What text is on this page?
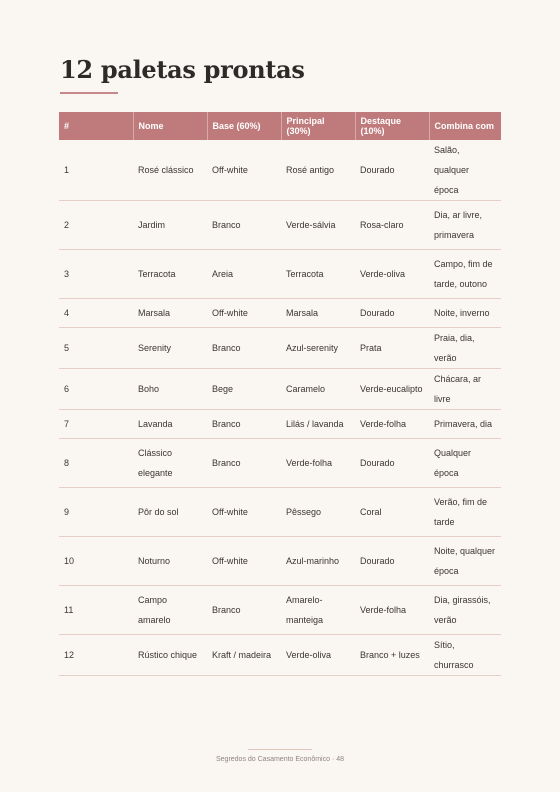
12 paletas prontas
#	Nome	Base (60%)	Principal (30%)	Destaque (10%)	Combina com
1	Rosé clássico	Off-white	Rosé antigo	Dourado	Salão, qualquer época
2	Jardim	Branco	Verde-sálvia	Rosa-claro	Dia, ar livre, primavera
3	Terracota	Areia	Terracota	Verde-oliva	Campo, fim de tarde, outono
4	Marsala	Off-white	Marsala	Dourado	Noite, inverno
5	Serenity	Branco	Azul-serenity	Prata	Praia, dia, verão
6	Boho	Bege	Caramelo	Verde-eucalipto	Chácara, ar livre
7	Lavanda	Branco	Lilás / lavanda	Verde-folha	Primavera, dia
8	Clássico elegante	Branco	Verde-folha	Dourado	Qualquer época
9	Pôr do sol	Off-white	Pêssego	Coral	Verão, fim de tarde
10	Noturno	Off-white	Azul-marinho	Dourado	Noite, qualquer época
11	Campo amarelo	Branco	Amarelo-manteiga	Verde-folha	Dia, girassóis, verão
12	Rústico chique	Kraft / madeira	Verde-oliva	Branco + luzes	Sítio, churrasco
Segredos do Casamento Econômico · 48
